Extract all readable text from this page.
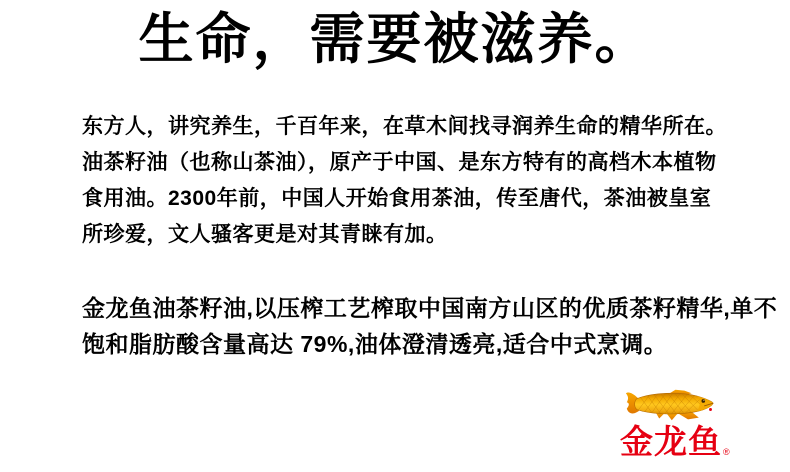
生命，需要被滋养。
东方人，讲究养生，千百年来，在草木间找寻润养生命的精华所在。
油茶籽油（也称山茶油），原产于中国、是东方特有的高档木本植物
食用油。2300年前，中国人开始食用茶油，传至唐代，茶油被皇室
所珍爱，文人骚客更是对其青睐有加。
金龙鱼油茶籽油,以压榨工艺榨取中国南方山区的优质茶籽精华,单不
饱和脂肪酸含量高达 79%,油体澄清透亮,适合中式烹调。
金龙鱼®
